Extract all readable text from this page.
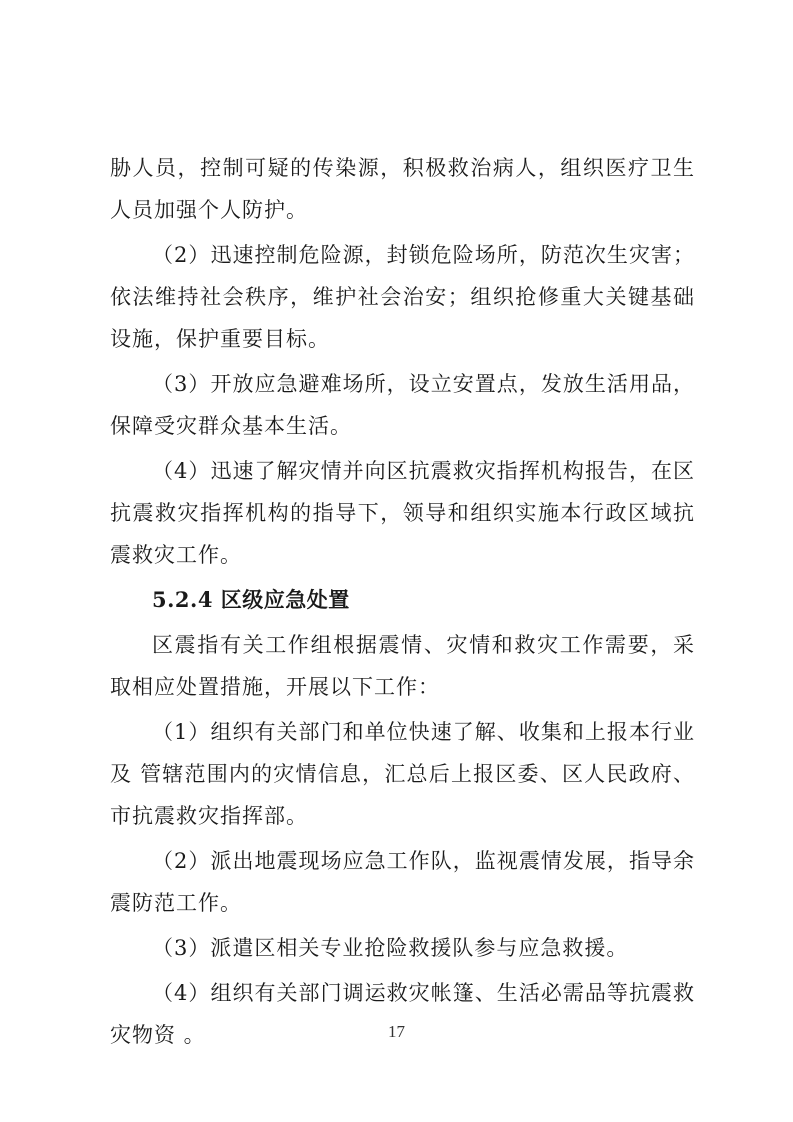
胁人员，控制可疑的传染源，积极救治病人，组织医疗卫生人员加强个人防护。

（2）迅速控制危险源，封锁危险场所，防范次生灾害；依法维持社会秩序，维护社会治安；组织抢修重大关键基础设施，保护重要目标。

（3）开放应急避难场所，设立安置点，发放生活用品，保障受灾群众基本生活。

（4）迅速了解灾情并向区抗震救灾指挥机构报告，在区抗震救灾指挥机构的指导下，领导和组织实施本行政区域抗震救灾工作。

5.2.4 区级应急处置

区震指有关工作组根据震情、灾情和救灾工作需要，采取相应处置措施，开展以下工作：

（1）组织有关部门和单位快速了解、收集和上报本行业及 管辖范围内的灾情信息，汇总后上报区委、区人民政府、市抗震救灾指挥部。

（2）派出地震现场应急工作队，监视震情发展，指导余震防范工作。

（3）派遣区相关专业抢险救援队参与应急救援。

（4）组织有关部门调运救灾帐篷、生活必需品等抗震救灾物资 。	17
